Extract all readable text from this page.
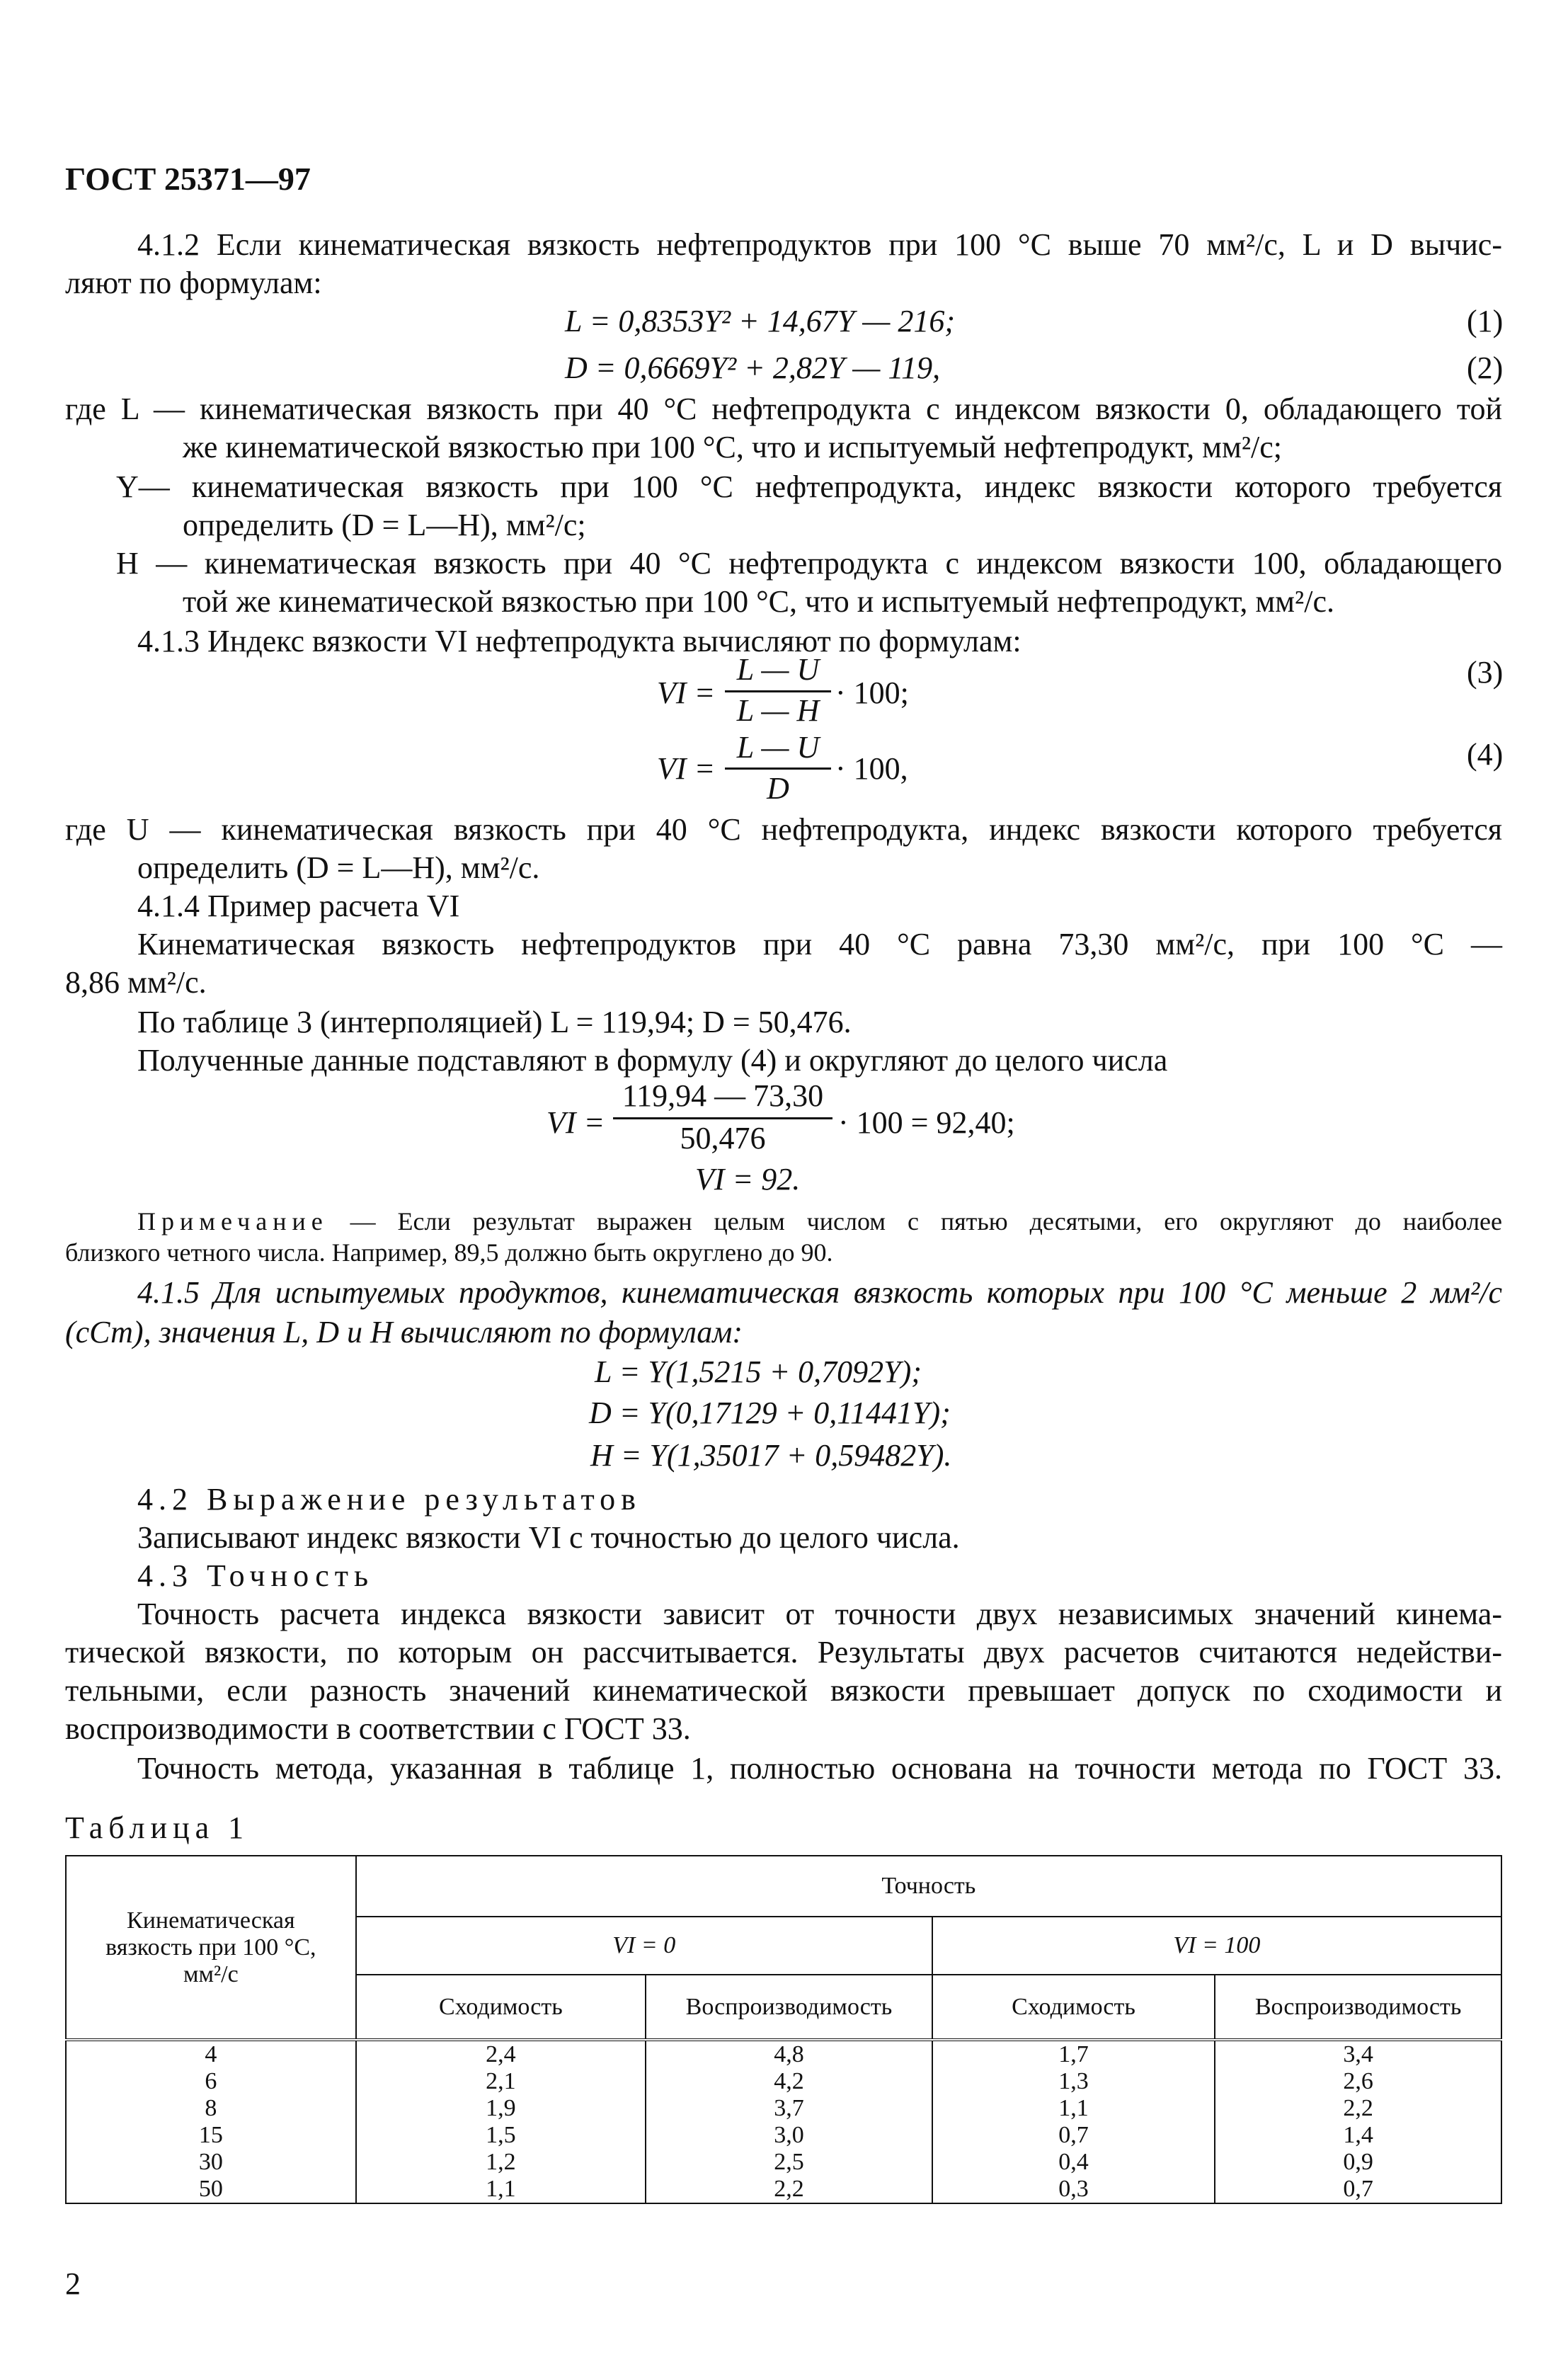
ГОСТ 25371—97
4.1.2 Если кинематическая вязкость нефтепродуктов при 100 °С выше 70 мм²/с, L и D вычис-
ляют по формулам:
L = 0,8353Y² + 14,67Y — 216;	(1)
D = 0,6669Y² + 2,82Y — 119,	(2)
где L — кинематическая вязкость при 40 °С нефтепродукта с индексом вязкости 0, обладающего той
же кинематической вязкостью при 100 °С, что и испытуемый нефтепродукт, мм²/с;
Y— кинематическая вязкость при 100 °С нефтепродукта, индекс вязкости которого требуется
определить (D = L—H), мм²/с;
H — кинематическая вязкость при 40 °С нефтепродукта с индексом вязкости 100, обладающего
той же кинематической вязкостью при 100 °С, что и испытуемый нефтепродукт, мм²/с.
4.1.3 Индекс вязкости VI нефтепродукта вычисляют по формулам:
VI =
L — U
L — H
· 100;
(3)
VI =
L — U
D
· 100,	(4)
где U — кинематическая вязкость при 40 °С нефтепродукта, индекс вязкости которого требуется
определить (D = L—H), мм²/с.
4.1.4 Пример расчета VI
Кинематическая вязкость нефтепродуктов при 40 °С равна 73,30 мм²/с, при 100 °С —
8,86 мм²/с.
По таблице 3 (интерполяцией) L = 119,94; D = 50,476.
Полученные данные подставляют в формулу (4) и округляют до целого числа
VI =
119,94 — 73,30
50,476	· 100 = 92,40;
VI = 92.
Примечание — Если результат выражен целым числом с пятью десятыми, его округляют до наиболее
близкого четного числа. Например, 89,5 должно быть округлено до 90.
4.1.5 Для испытуемых продуктов, кинематическая вязкость которых при 100 °С меньше 2 мм²/с
(сСт), значения L, D и H вычисляют по формулам:
L = Y(1,5215 + 0,7092Y);
D = Y(0,17129 + 0,11441Y);
H = Y(1,35017 + 0,59482Y).
4.2 Выражение результатов
Записывают индекс вязкости VI с точностью до целого числа.
4.3 Точность
Точность расчета индекса вязкости зависит от точности двух независимых значений кинема-
тической вязкости, по которым он рассчитывается. Результаты двух расчетов считаются недействи-
тельными, если разность значений кинематической вязкости превышает допуск по сходимости и
воспроизводимости в соответствии с ГОСТ 33.
Точность метода, указанная в таблице 1, полностью основана на точности метода по ГОСТ 33.
Таблица 1
Кинематическая вязкость при 100 °С, мм²/с	Точность			
	VI = 0		VI = 100	
	Сходимость	Воспроизводимость	Сходимость	Воспроизводимость
4	2,4	4,8	1,7	3,4
6	2,1	4,2	1,3	2,6
8	1,9	3,7	1,1	2,2
15	1,5	3,0	0,7	1,4
30	1,2	2,5	0,4	0,9
50	1,1	2,2	0,3	0,7
2
